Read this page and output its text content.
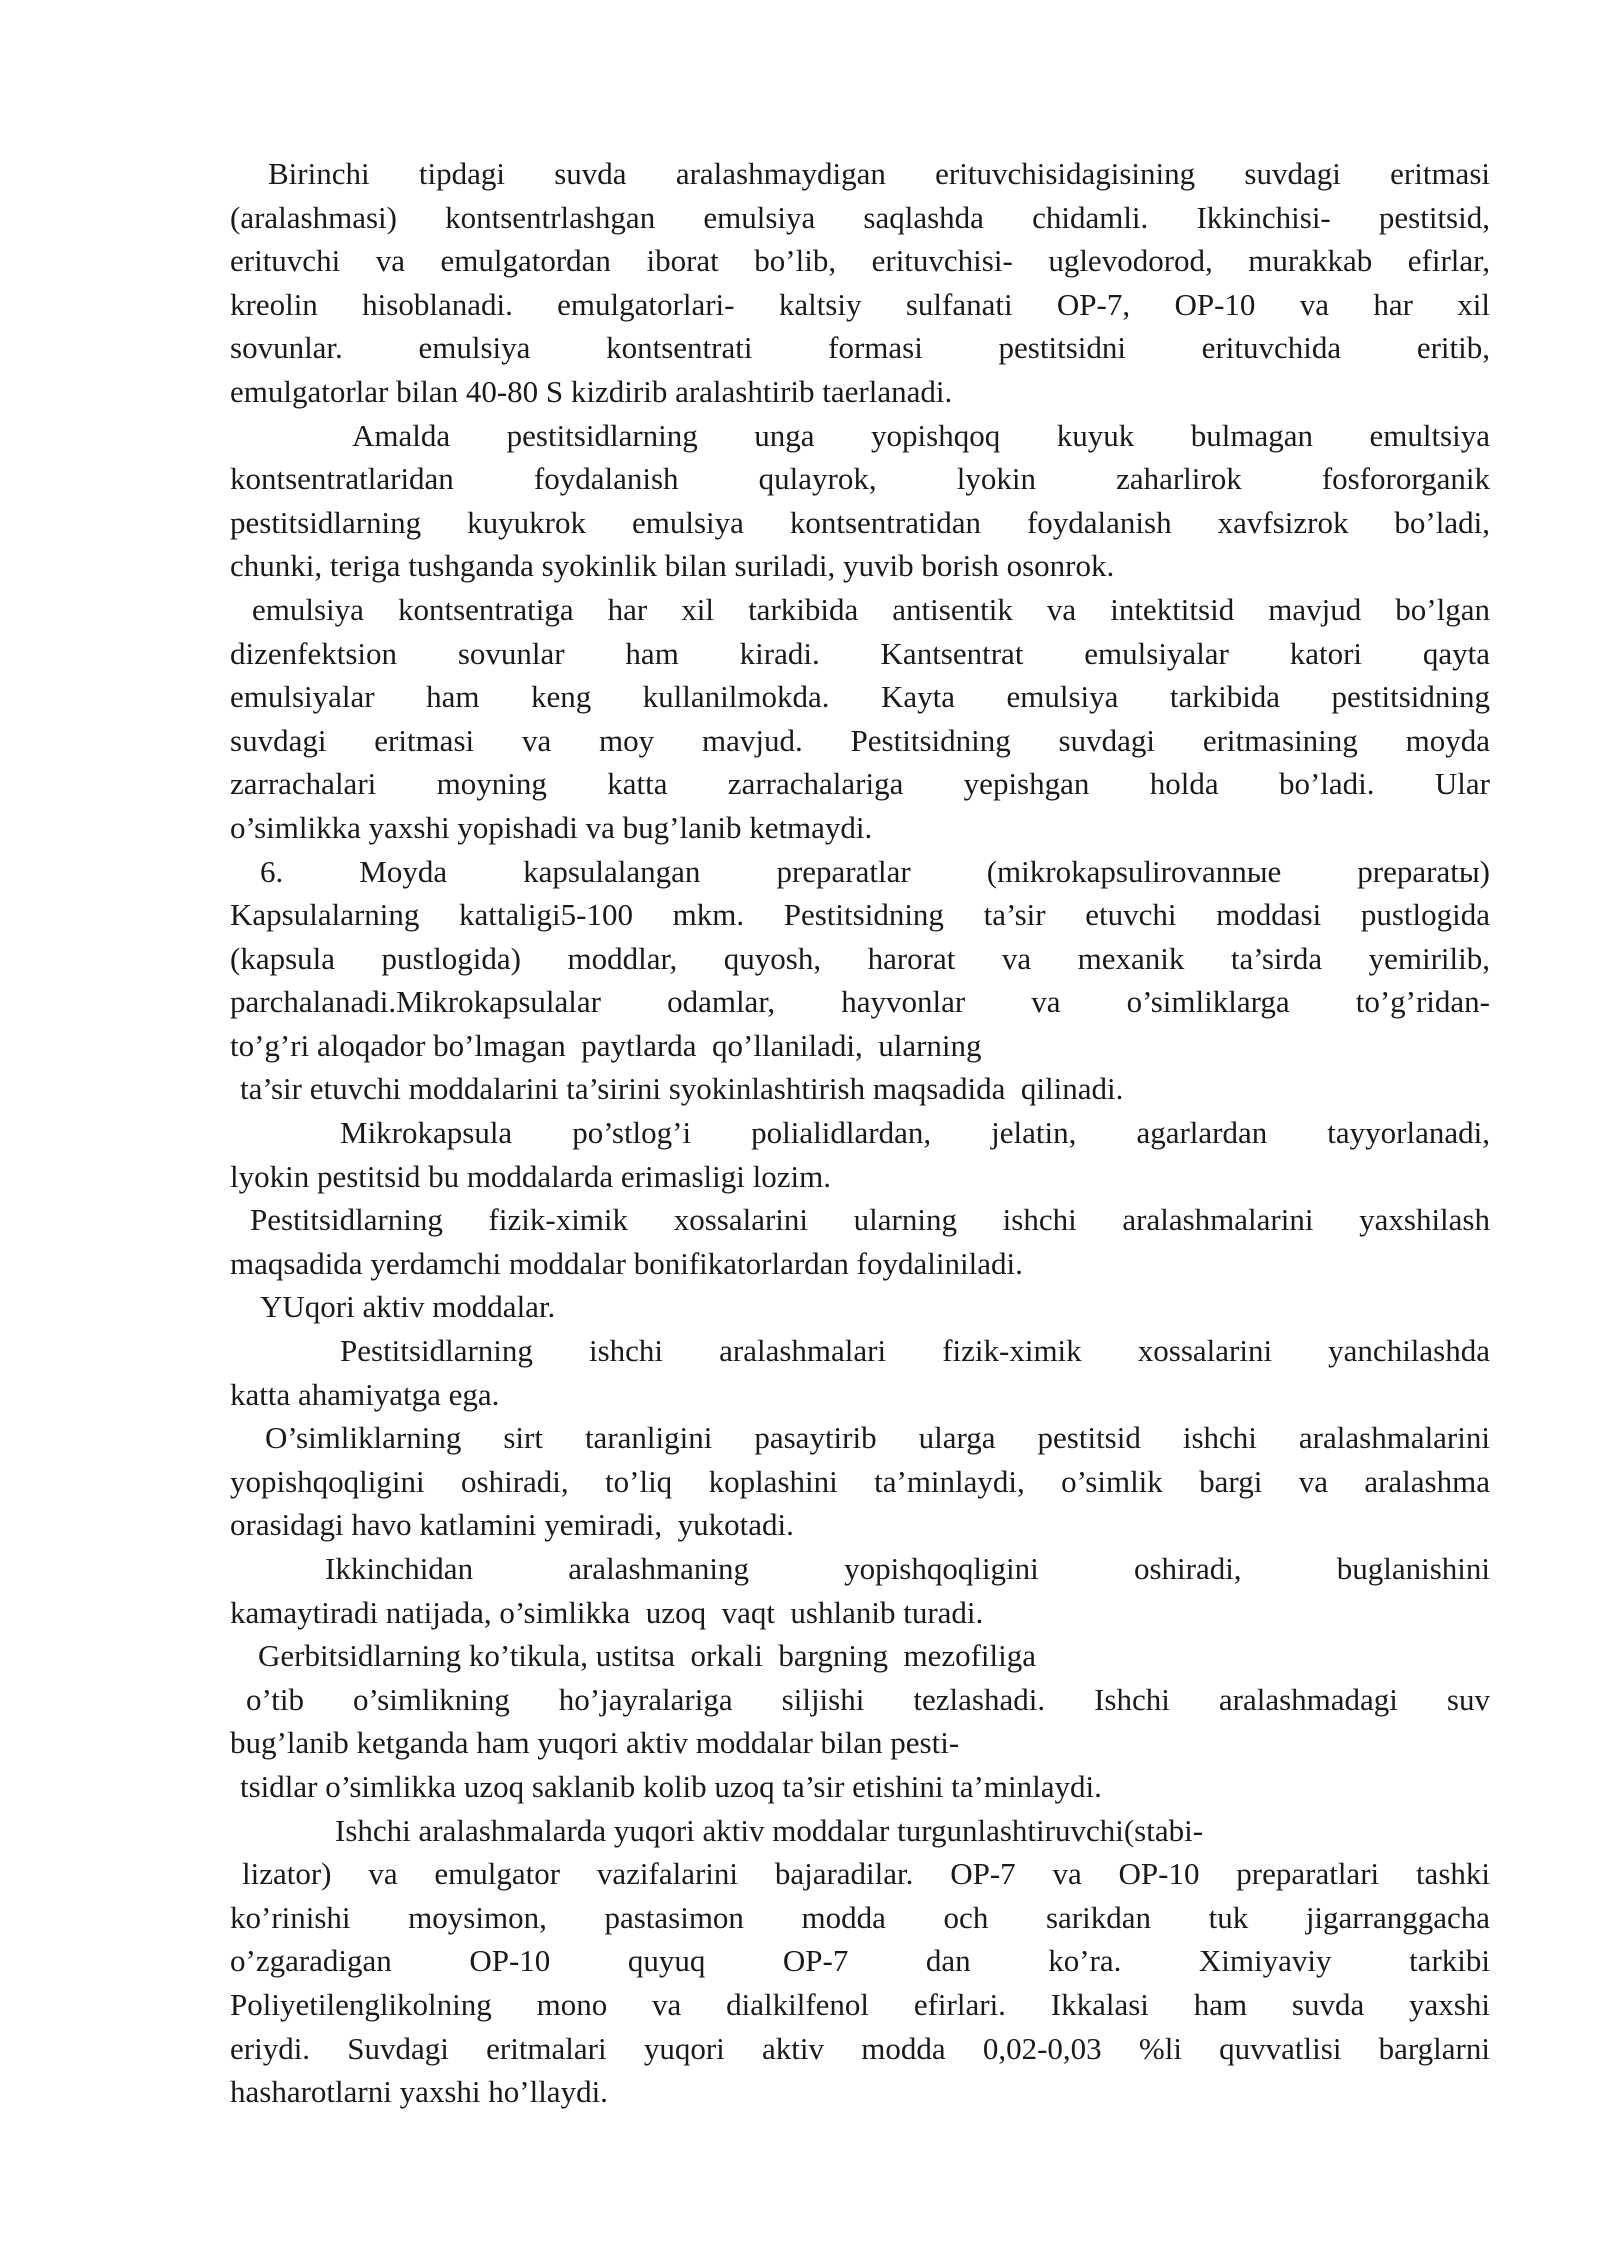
Birinchi tipdagi suvda aralashmaydigan erituvchisidagisining suvdagi eritmasi
(aralashmasi) kontsentrlashgan emulsiya saqlashda chidamli. Ikkinchisi- pestitsid,
erituvchi va emulgatordan iborat bo’lib, erituvchisi- uglevodorod, murakkab efirlar,
kreolin hisoblanadi. emulgatorlari- kaltsiy sulfanati OP-7, OP-10 va har xil
sovunlar. emulsiya kontsentrati formasi pestitsidni erituvchida eritib,
emulgatorlar bilan 40-80 S kizdirib aralashtirib taerlanadi.
Amalda pestitsidlarning unga yopishqoq kuyuk bulmagan emultsiya
kontsentratlaridan foydalanish qulayrok, lyokin zaharlirok fosfororganik
pestitsidlarning kuyukrok emulsiya kontsentratidan foydalanish xavfsizrok bo’ladi,
chunki, teriga tushganda syokinlik bilan suriladi, yuvib borish osonrok.
emulsiya kontsentratiga har xil tarkibida antisentik va intektitsid mavjud bo’lgan
dizenfektsion sovunlar ham kiradi. Kantsentrat emulsiyalar katori qayta
emulsiyalar ham keng kullanilmokda. Kayta emulsiya tarkibida pestitsidning
suvdagi eritmasi va moy mavjud. Pestitsidning suvdagi eritmasining moyda
zarrachalari moyning katta zarrachalariga yepishgan holda bo’ladi. Ular
o’simlikka yaxshi yopishadi va bug’lanib ketmaydi.
6. Moyda kapsulalangan preparatlar (mikrokapsulirovannые preparatы)
Kapsulalarning kattaligi5-100 mkm. Pestitsidning ta’sir etuvchi moddasi pustlogida
(kapsula pustlogida) moddlar, quyosh, harorat va mexanik ta’sirda yemirilib,
parchalanadi.Mikrokapsulalar odamlar, hayvonlar va o’simliklarga to’g’ridan-
to’g’ri aloqador bo’lmagan  paytlarda  qo’llaniladi,  ularning
ta’sir etuvchi moddalarini ta’sirini syokinlashtirish maqsadida  qilinadi.
Mikrokapsula po’stlog’i polialidlardan, jelatin, agarlardan tayyorlanadi,
lyokin pestitsid bu moddalarda erimasligi lozim.
Pestitsidlarning fizik-ximik xossalarini ularning ishchi aralashmalarini yaxshilash
maqsadida yerdamchi moddalar bonifikatorlardan foydaliniladi.
YUqori aktiv moddalar.
Pestitsidlarning ishchi aralashmalari fizik-ximik xossalarini yanchilashda
katta ahamiyatga ega.
O’simliklarning sirt taranligini pasaytirib ularga pestitsid ishchi aralashmalarini
yopishqoqligini oshiradi, to’liq koplashini ta’minlaydi, o’simlik bargi va aralashma
orasidagi havo katlamini yemiradi,  yukotadi.
Ikkinchidan aralashmaning yopishqoqligini oshiradi, buglanishini
kamaytiradi natijada, o’simlikka  uzoq  vaqt  ushlanib turadi.
Gerbitsidlarning ko’tikula, ustitsa  orkali  bargning  mezofiliga
o’tib o’simlikning ho’jayralariga siljishi tezlashadi. Ishchi aralashmadagi suv
bug’lanib ketganda ham yuqori aktiv moddalar bilan pesti-
tsidlar o’simlikka uzoq saklanib kolib uzoq ta’sir etishini ta’minlaydi.
Ishchi aralashmalarda yuqori aktiv moddalar turgunlashtiruvchi(stabi-
lizator) va emulgator vazifalarini bajaradilar. OP-7 va OP-10 preparatlari tashki
ko’rinishi moysimon, pastasimon modda och sarikdan tuk jigarranggacha
o’zgaradigan OP-10 quyuq OP-7 dan ko’ra. Ximiyaviy tarkibi
Poliyetilenglikolning mono va dialkilfenol efirlari. Ikkalasi ham suvda yaxshi
eriydi. Suvdagi eritmalari yuqori aktiv modda 0,02-0,03 %li quvvatlisi barglarni
hasharotlarni yaxshi ho’llaydi.
